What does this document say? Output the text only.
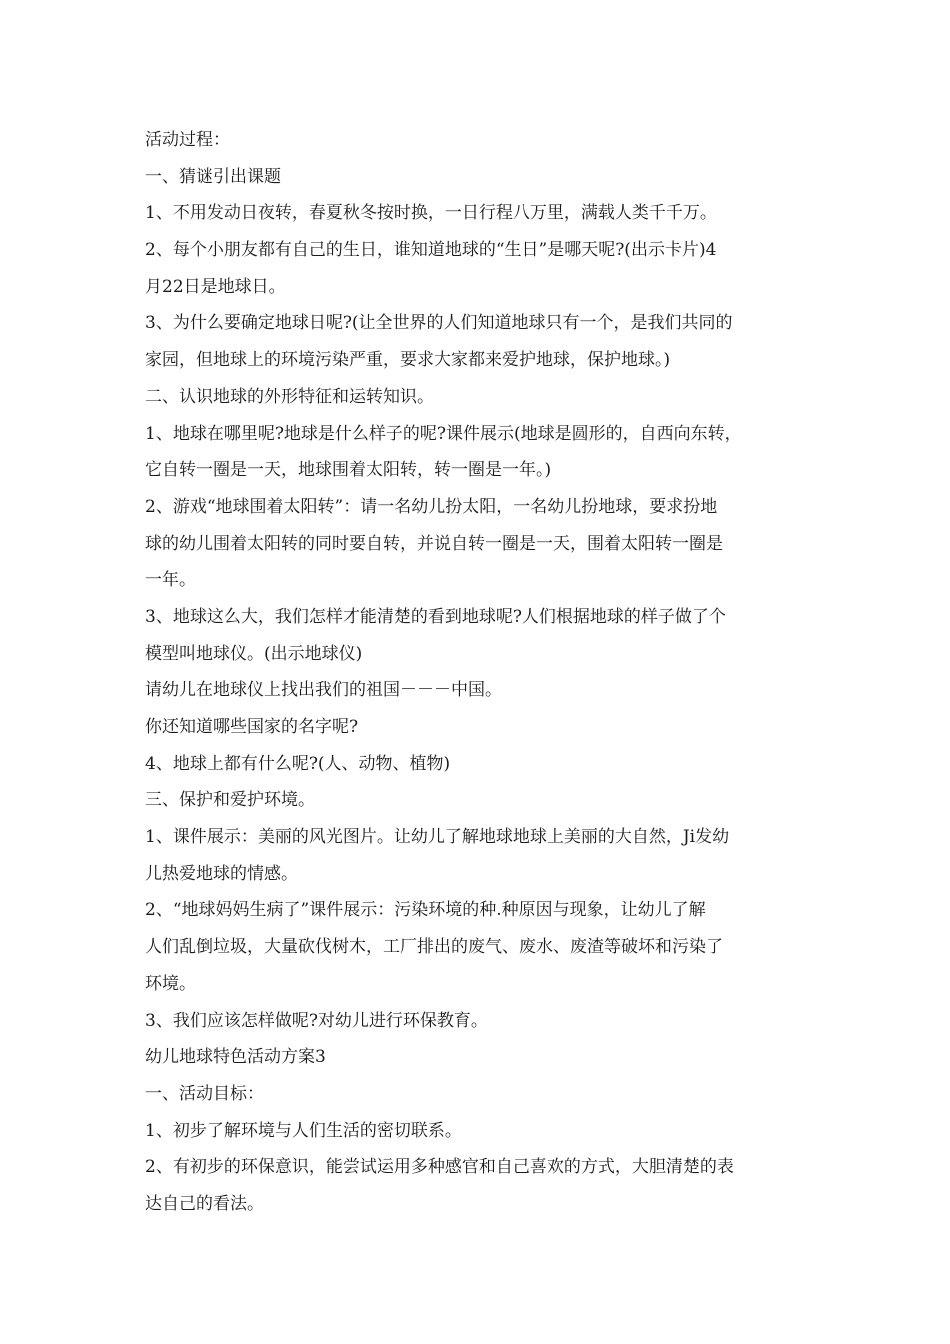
活动过程：
一、猜谜引出课题
1、不用发动日夜转，春夏秋冬按时换，一日行程八万里，满载人类千千万。
2、每个小朋友都有自己的生日，谁知道地球的“生日”是哪天呢?(出示卡片)4
月22日是地球日。
3、为什么要确定地球日呢?(让全世界的人们知道地球只有一个，是我们共同的
家园，但地球上的环境污染严重，要求大家都来爱护地球，保护地球。)
二、认识地球的外形特征和运转知识。
1、地球在哪里呢?地球是什么样子的呢?课件展示(地球是圆形的，自西向东转，
它自转一圈是一天，地球围着太阳转，转一圈是一年。)
2、游戏“地球围着太阳转”：请一名幼儿扮太阳，一名幼儿扮地球，要求扮地
球的幼儿围着太阳转的同时要自转，并说自转一圈是一天，围着太阳转一圈是
一年。
3、地球这么大，我们怎样才能清楚的看到地球呢?人们根据地球的样子做了个
模型叫地球仪。(出示地球仪)
请幼儿在地球仪上找出我们的祖国－－－中国。
你还知道哪些国家的名字呢?
4、地球上都有什么呢?(人、动物、植物)
三、保护和爱护环境。
1、课件展示：美丽的风光图片。让幼儿了解地球地球上美丽的大自然，Ji发幼
儿热爱地球的情感。
2、“地球妈妈生病了”课件展示：污染环境的种.种原因与现象，让幼儿了解
人们乱倒垃圾，大量砍伐树木，工厂排出的废气、废水、废渣等破坏和污染了
环境。
3、我们应该怎样做呢?对幼儿进行环保教育。
幼儿地球特色活动方案3
一、活动目标：
1、初步了解环境与人们生活的密切联系。
2、有初步的环保意识，能尝试运用多种感官和自己喜欢的方式，大胆清楚的表
达自己的看法。
